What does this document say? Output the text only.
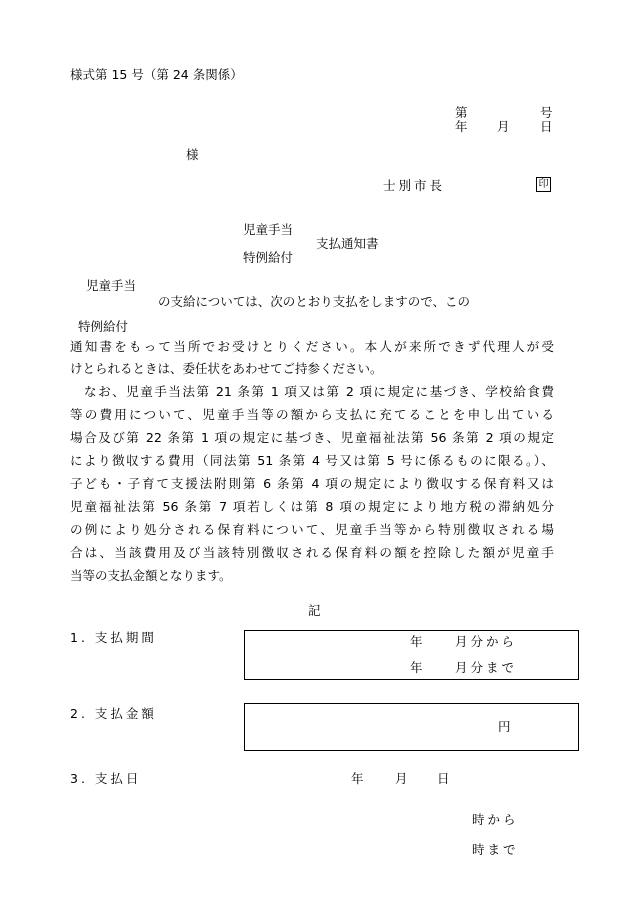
様式第 15 号（第 24 条関係）
第	号
年 月 日
様
士別市長	印
児童手当
支払通知書
特例給付
児童手当
の支給については、次のとおり支払をしますので、この
特例給付
通知書をもって当所でお受けとりください。本人が来所できず代理人が受
けとられるときは、委任状をあわせてご持参ください。
　なお、児童手当法第 21 条第 1 項又は第 2 項に規定に基づき、学校給食費
等の費用について、児童手当等の額から支払に充てることを申し出ている
場合及び第 22 条第 1 項の規定に基づき、児童福祉法第 56 条第 2 項の規定
により徴収する費用（同法第 51 条第 4 号又は第 5 号に係るものに限る。）、
子ども・子育て支援法附則第 6 条第 4 項の規定により徴収する保育料又は
児童福祉法第 56 条第 7 項若しくは第 8 項の規定により地方税の滞納処分
の例により処分される保育料について、児童手当等から特別徴収される場
合は、当該費用及び当該特別徴収される保育料の額を控除した額が児童手
当等の支払金額となります。
記
1. 支払期間	年	月分から
年	月分まで
2. 支払金額
円
3. 支払日	年	月 日
時から
時まで
